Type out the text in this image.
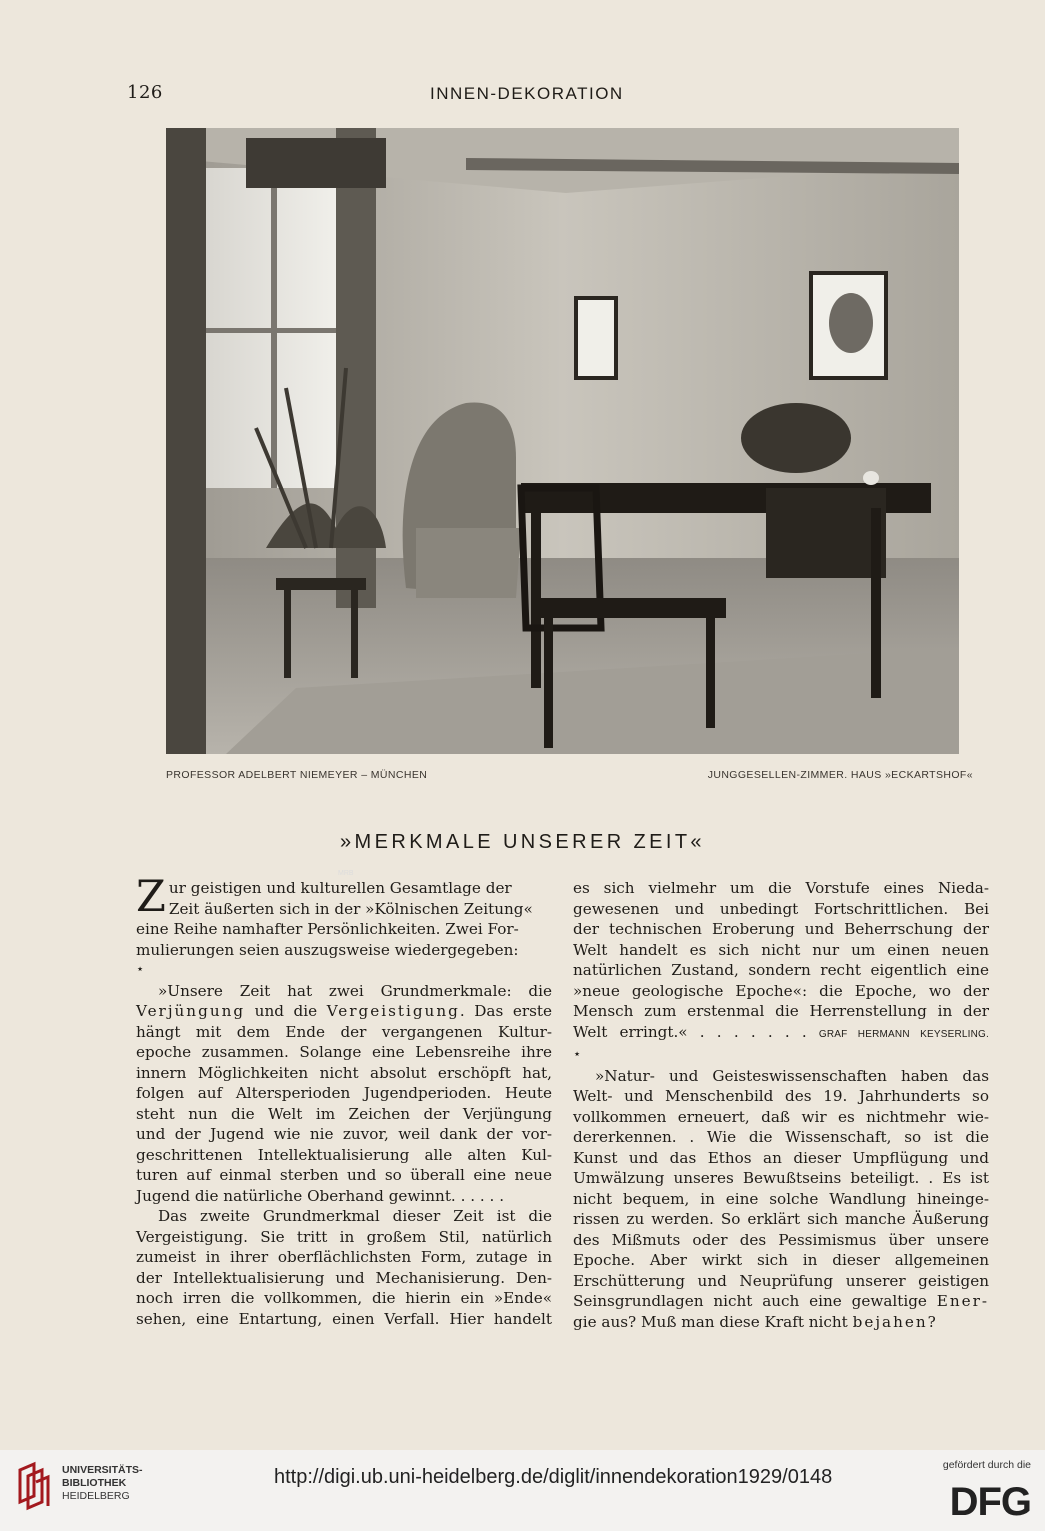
126	INNEN-DEKORATION
MRB
PROFESSOR ADELBERT NIEMEYER – MÜNCHEN	JUNGGESELLEN-ZIMMER. HAUS »ECKARTSHOF«
»MERKMALE UNSERER ZEIT«

Z ur geistigen und kulturellen Gesamtlage der
Zeit äußerten sich in der »Kölnischen Zeitung«
eine Reihe namhafter Persönlichkeiten. Zwei For-
mulierungen seien auszugsweise wiedergegeben:

⋆

»Unsere Zeit hat zwei Grundmerkmale: die
Verjüngung und die Vergeistigung. Das erste
hängt mit dem Ende der vergangenen Kultur-
epoche zusammen. Solange eine Lebensreihe ihre
innern Möglichkeiten nicht absolut erschöpft hat,
folgen auf Altersperioden Jugendperioden. Heute
steht nun die Welt im Zeichen der Verjüngung
und der Jugend wie nie zuvor, weil dank der vor-
geschrittenen Intellektualisierung alle alten Kul-
turen auf einmal sterben und so überall eine neue

Jugend die natürliche Oberhand gewinnt. . . . . .

Das zweite Grundmerkmal dieser Zeit ist die
Vergeistigung. Sie tritt in großem Stil, natürlich
zumeist in ihrer oberflächlichsten Form, zutage in
der Intellektualisierung und Mechanisierung. Den-
noch irren die vollkommen, die hierin ein »Ende«
sehen, eine Entartung, einen Verfall. Hier handelt

es sich vielmehr um die Vorstufe eines Nieda-
gewesenen und unbedingt Fortschrittlichen. Bei
der technischen Eroberung und Beherrschung der
Welt handelt es sich nicht nur um einen neuen
natürlichen Zustand, sondern recht eigentlich eine
»neue geologische Epoche«: die Epoche, wo der
Mensch zum erstenmal die Herrenstellung in der

Welt erringt.« . . . . . . . GRAF HERMANN KEYSERLING.

⋆

»Natur- und Geisteswissenschaften haben das
Welt- und Menschenbild des 19. Jahrhunderts so
vollkommen erneuert, daß wir es nichtmehr wie-
dererkennen. . Wie die Wissenschaft, so ist die
Kunst und das Ethos an dieser Umpflügung und
Umwälzung unseres Bewußtseins beteiligt. . Es ist
nicht bequem, in eine solche Wandlung hineinge-
rissen zu werden. So erklärt sich manche Äußerung
des Mißmuts oder des Pessimismus über unsere
Epoche. Aber wirkt sich in dieser allgemeinen
Erschütterung und Neuprüfung unserer geistigen
Seinsgrundlagen nicht auch eine gewaltige Ener-

gie aus? Muß man diese Kraft nicht bejahen?

UNIVERSITÄTS-
BIBLIOTHEK
HEIDELBERG
http://digi.ub.uni-heidelberg.de/diglit/innendekoration1929/0148
gefördert durch die
DFG
